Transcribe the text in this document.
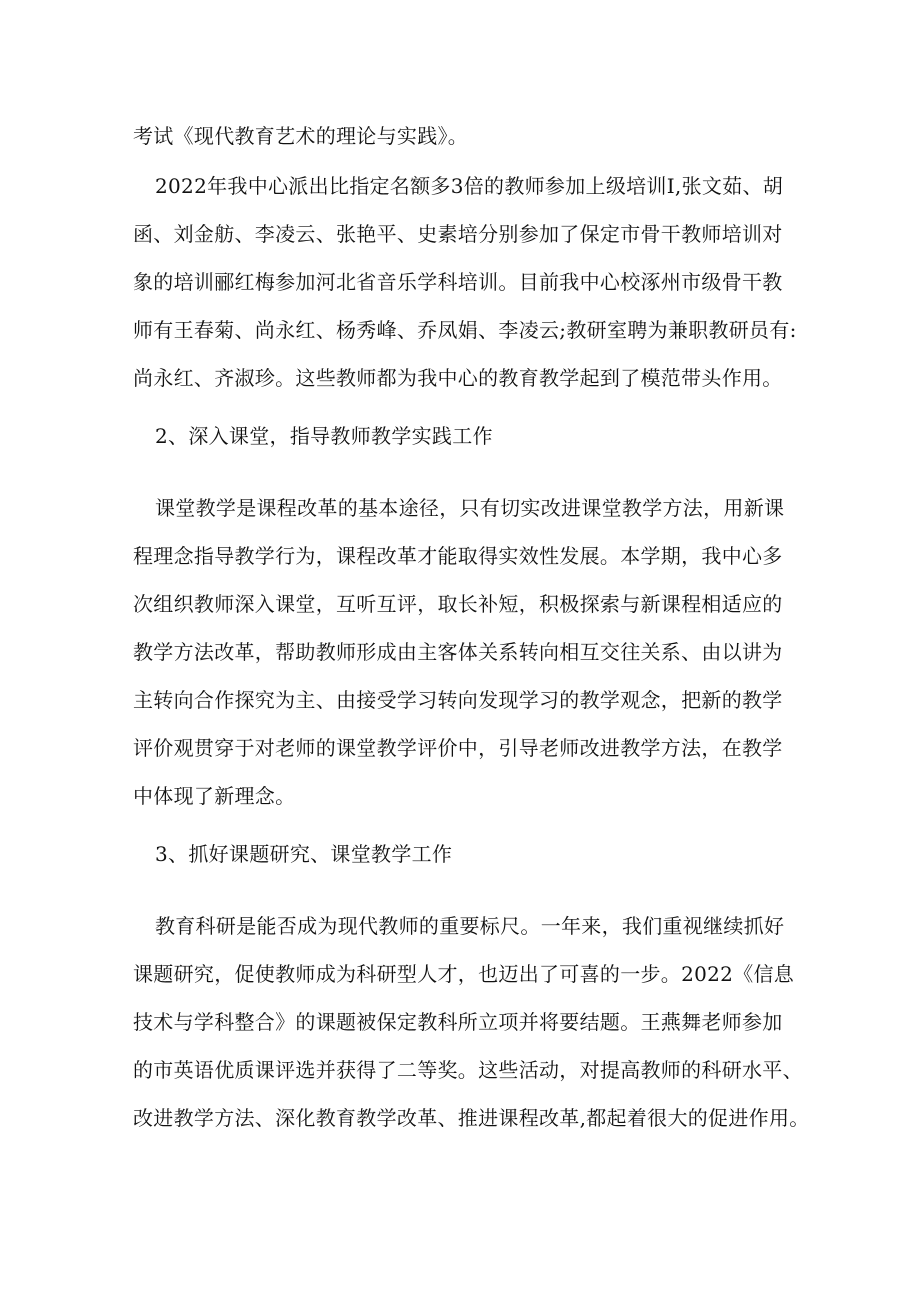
考试《现代教育艺术的理论与实践》。
2022年我中心派出比指定名额多3倍的教师参加上级培训I,张文茹、胡
函、刘金舫、李凌云、张艳平、史素培分别参加了保定市骨干教师培训对
象的培训郦红梅参加河北省音乐学科培训。目前我中心校涿州市级骨干教
师有王春菊、尚永红、杨秀峰、乔凤娟、李凌云;教研室聘为兼职教研员有:
尚永红、齐淑珍。这些教师都为我中心的教育教学起到了模范带头作用。
2、深入课堂，指导教师教学实践工作
课堂教学是课程改革的基本途径，只有切实改进课堂教学方法，用新课
程理念指导教学行为，课程改革才能取得实效性发展。本学期，我中心多
次组织教师深入课堂，互听互评，取长补短，积极探索与新课程相适应的
教学方法改革，帮助教师形成由主客体关系转向相互交往关系、由以讲为
主转向合作探究为主、由接受学习转向发现学习的教学观念，把新的教学
评价观贯穿于对老师的课堂教学评价中，引导老师改进教学方法，在教学
中体现了新理念。
3、抓好课题研究、课堂教学工作
教育科研是能否成为现代教师的重要标尺。一年来，我们重视继续抓好
课题研究，促使教师成为科研型人才，也迈出了可喜的一步。2022《信息
技术与学科整合》的课题被保定教科所立项并将要结题。王燕舞老师参加
的市英语优质课评选并获得了二等奖。这些活动，对提高教师的科研水平、
改进教学方法、深化教育教学改革、推进课程改革,都起着很大的促进作用。
